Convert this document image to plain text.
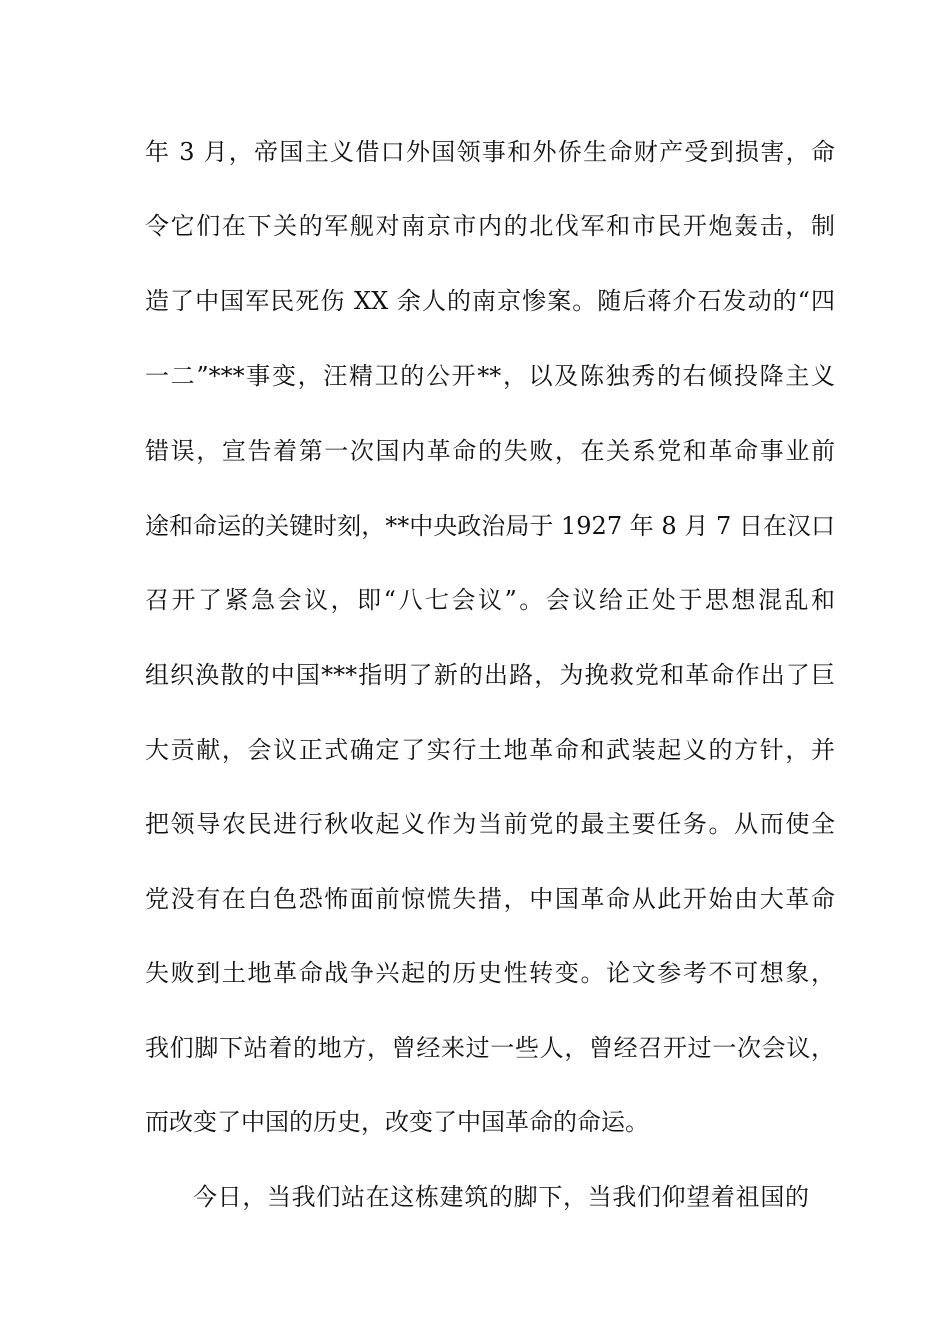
年 3 月，帝国主义借口外国领事和外侨生命财产受到损害，命
令它们在下关的军舰对南京市内的北伐军和市民开炮轰击，制
造了中国军民死伤 XX 余人的南京惨案。随后蒋介石发动的“四
一二”***事变，汪精卫的公开**，以及陈独秀的右倾投降主义
错误，宣告着第一次国内革命的失败，在关系党和革命事业前
途和命运的关键时刻，**中央政治局于 1927 年 8 月 7 日在汉口
召开了紧急会议，即“八七会议”。会议给正处于思想混乱和
组织涣散的中国***指明了新的出路，为挽救党和革命作出了巨
大贡献，会议正式确定了实行土地革命和武装起义的方针，并
把领导农民进行秋收起义作为当前党的最主要任务。从而使全
党没有在白色恐怖面前惊慌失措，中国革命从此开始由大革命
失败到土地革命战争兴起的历史性转变。论文参考不可想象，
我们脚下站着的地方，曾经来过一些人，曾经召开过一次会议，
而改变了中国的历史，改变了中国革命的命运。
今日，当我们站在这栋建筑的脚下，当我们仰望着祖国的
